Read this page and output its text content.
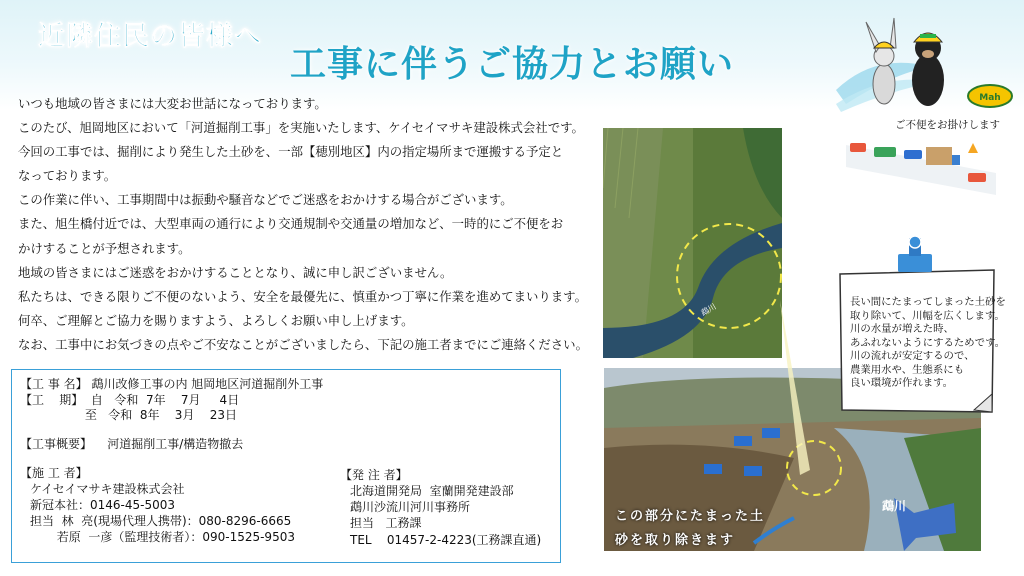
近隣住民の皆様へ
工事に伴うご協力とお願い
Mah
ご不便をお掛けします

いつも地域の皆さまには大変お世話になっております。

このたび、旭岡地区において「河道掘削工事」を実施いたします、ケイセイマサキ建設株式会社です。

今回の工事では、掘削により発生した土砂を、一部【穂別地区】内の指定場所まで運搬する予定と

なっております。

この作業に伴い、工事期間中は振動や騒音などでご迷惑をおかけする場合がございます。

また、旭生橋付近では、大型車両の通行により交通規制や交通量の増加など、一時的にご不便をお

かけすることが予想されます。

地域の皆さまにはご迷惑をおかけすることとなり、誠に申し訳ございません。

私たちは、できる限りご不便のないよう、安全を最優先に、慎重かつ丁寧に作業を進めてまいります。

何卒、ご理解とご協力を賜りますよう、よろしくお願い申し上げます。

なお、工事中にお気づきの点やご不安なことがございましたら、下記の施工者までにご連絡ください。

【工 事 名】 鵡川改修工事の内 旭岡地区河道掘削外工事
【工    期】  自   令和  7年    7月     4日
至   令和  8年    3月    23日
【工事概要】    河道掘削工事/構造物撤去
【施 工 者】
ケイセイマサキ建設株式会社
新冠本社：0146-45-5003
担当  林  亮(現場代理人携帯)：080-8296-6665
若原  一彦（監理技術者）：090-1525-9503
【発 注 者】
北海道開発局  室蘭開発建設部
鵡川沙流川河川事務所
担当   工務課
TEL    01457-2-4223(工務課直通)
鵡川
この部分にたまった土
砂を取り除きます
鵡川

長い間にたまってしまった土砂を

取り除いて、川幅を広くします。

川の水量が増えた時、

あふれないようにするためです。

川の流れが安定するので、

農業用水や、生態系にも

良い環境が作れます。
